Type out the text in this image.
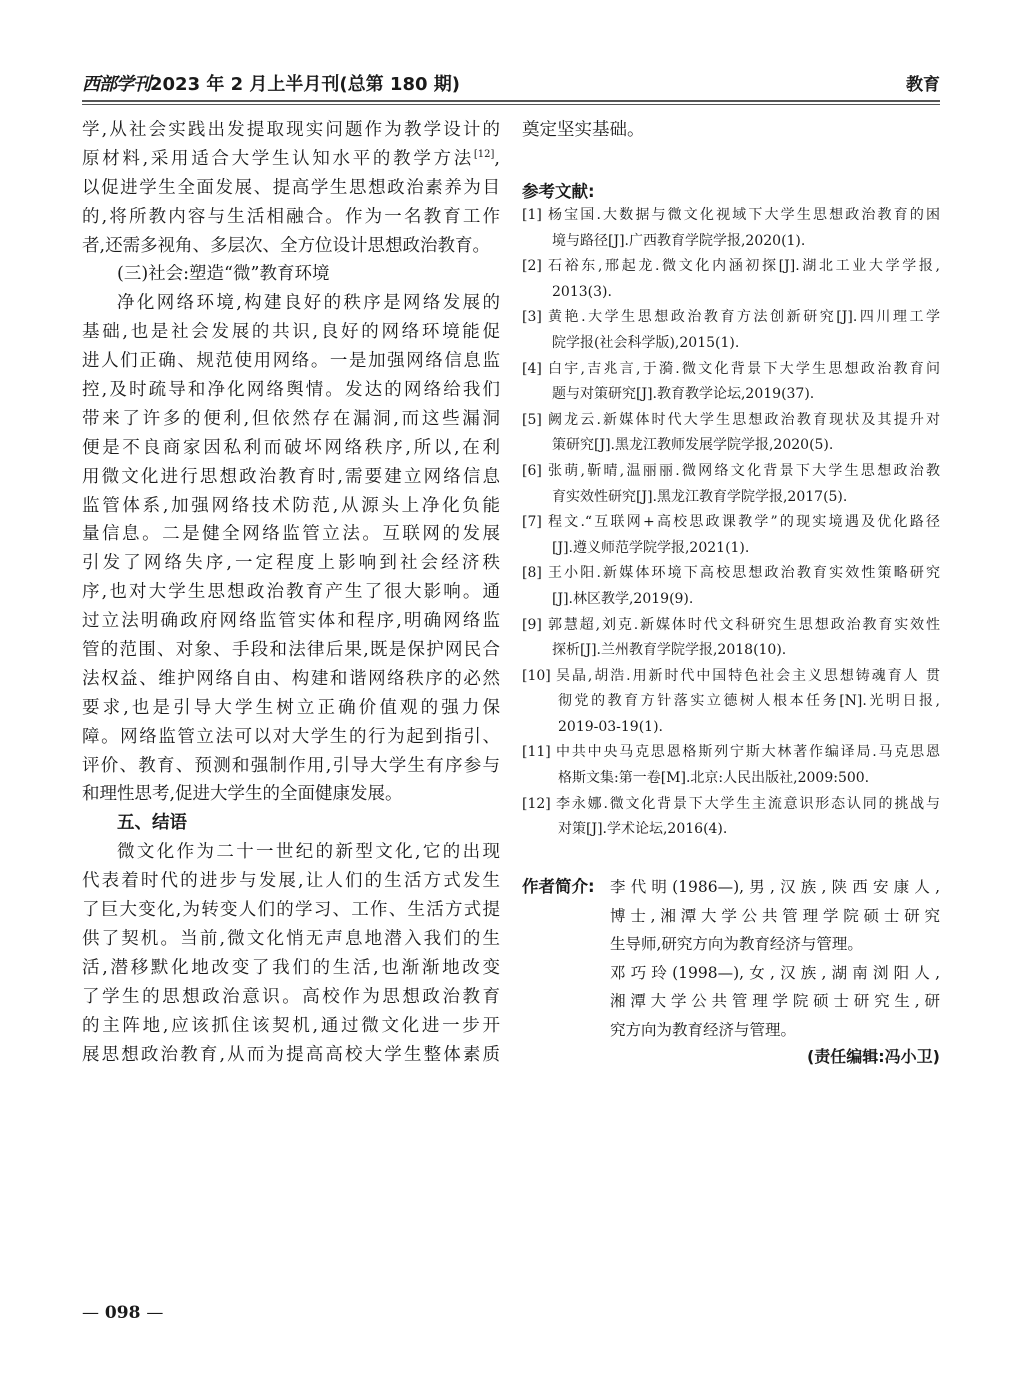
西部学刊2023 年 2 月上半月刊(总第 180 期)	教育
学,从社会实践出发提取现实问题作为教学设计的
原材料,采用适合大学生认知水平的教学方法[12],
以促进学生全面发展、提高学生思想政治素养为目
的,将所教内容与生活相融合。作为一名教育工作
者,还需多视角、多层次、全方位设计思想政治教育。
(三)社会:塑造“微”教育环境
净化网络环境,构建良好的秩序是网络发展的
基础,也是社会发展的共识,良好的网络环境能促
进人们正确、规范使用网络。一是加强网络信息监
控,及时疏导和净化网络舆情。发达的网络给我们
带来了许多的便利,但依然存在漏洞,而这些漏洞
便是不良商家因私利而破坏网络秩序,所以,在利
用微文化进行思想政治教育时,需要建立网络信息
监管体系,加强网络技术防范,从源头上净化负能
量信息。二是健全网络监管立法。互联网的发展
引发了网络失序,一定程度上影响到社会经济秩
序,也对大学生思想政治教育产生了很大影响。通
过立法明确政府网络监管实体和程序,明确网络监
管的范围、对象、手段和法律后果,既是保护网民合
法权益、维护网络自由、构建和谐网络秩序的必然
要求,也是引导大学生树立正确价值观的强力保
障。网络监管立法可以对大学生的行为起到指引、
评价、教育、预测和强制作用,引导大学生有序参与
和理性思考,促进大学生的全面健康发展。
五、结语
微文化作为二十一世纪的新型文化,它的出现
代表着时代的进步与发展,让人们的生活方式发生
了巨大变化,为转变人们的学习、工作、生活方式提
供了契机。当前,微文化悄无声息地潜入我们的生
活,潜移默化地改变了我们的生活,也渐渐地改变
了学生的思想政治意识。高校作为思想政治教育
的主阵地,应该抓住该契机,通过微文化进一步开
展思想政治教育,从而为提高高校大学生整体素质
奠定坚实基础。
参考文献:
[1] 杨宝国.大数据与微文化视域下大学生思想政治教育的困
境与路径[J].广西教育学院学报,2020(1).
[2] 石裕东,邢起龙.微文化内涵初探[J].湖北工业大学学报,
2013(3).
[3] 黄艳.大学生思想政治教育方法创新研究[J].四川理工学
院学报(社会科学版),2015(1).
[4] 白宇,吉兆言,于漪.微文化背景下大学生思想政治教育问
题与对策研究[J].教育教学论坛,2019(37).
[5] 阙龙云.新媒体时代大学生思想政治教育现状及其提升对
策研究[J].黑龙江教师发展学院学报,2020(5).
[6] 张萌,靳晴,温丽丽.微网络文化背景下大学生思想政治教
育实效性研究[J].黑龙江教育学院学报,2017(5).
[7] 程文.“互联网+高校思政课教学”的现实境遇及优化路径
[J].遵义师范学院学报,2021(1).
[8] 王小阳.新媒体环境下高校思想政治教育实效性策略研究
[J].林区教学,2019(9).
[9] 郭慧超,刘克.新媒体时代文科研究生思想政治教育实效性
探析[J].兰州教育学院学报,2018(10).
[10] 吴晶,胡浩.用新时代中国特色社会主义思想铸魂育人 贯
彻党的教育方针落实立德树人根本任务[N].光明日报,
2019-03-19(1).
[11] 中共中央马克思恩格斯列宁斯大林著作编译局.马克思恩
格斯文集:第一卷[M].北京:人民出版社,2009:500.
[12] 李永娜.微文化背景下大学生主流意识形态认同的挑战与
对策[J].学术论坛,2016(4).
作者简介: 李代明(1986—),男,汉族,陕西安康人,
博士,湘潭大学公共管理学院硕士研究
生导师,研究方向为教育经济与管理。
邓巧玲(1998—),女,汉族,湖南浏阳人,
湘潭大学公共管理学院硕士研究生,研
究方向为教育经济与管理。
(责任编辑:冯小卫)
— 098 —
